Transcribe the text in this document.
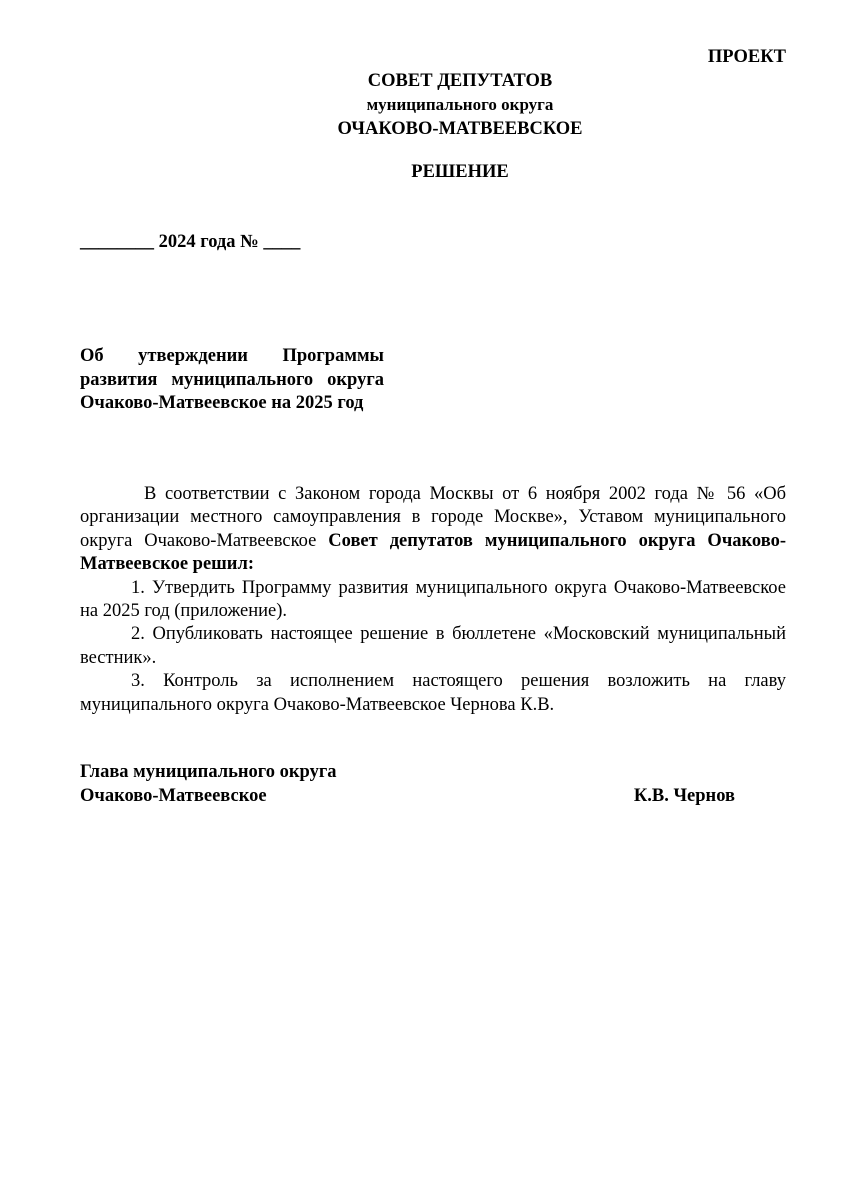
ПРОЕКТ
СОВЕТ ДЕПУТАТОВ
муниципального округа
ОЧАКОВО-МАТВЕЕВСКОЕ
РЕШЕНИЕ
________ 2024 года № ____
Об утверждении Программы развития муниципального округа Очаково-Матвеевское на 2025 год

В соответствии с Законом города Москвы от 6 ноября 2002 года № 56 «Об организации местного самоуправления в городе Москве», Уставом муниципального округа Очаково-Матвеевское Совет депутатов муниципального округа Очаково-Матвеевское решил:

1. Утвердить Программу развития муниципального округа Очаково-Матвеевское на 2025 год (приложение).

2. Опубликовать настоящее решение в бюллетене «Московский муниципальный вестник».

3. Контроль за исполнением настоящего решения возложить на главу муниципального округа Очаково-Матвеевское Чернова К.В.

Глава муниципального округа
Очаково-Матвеевское	К.В. Чернов
